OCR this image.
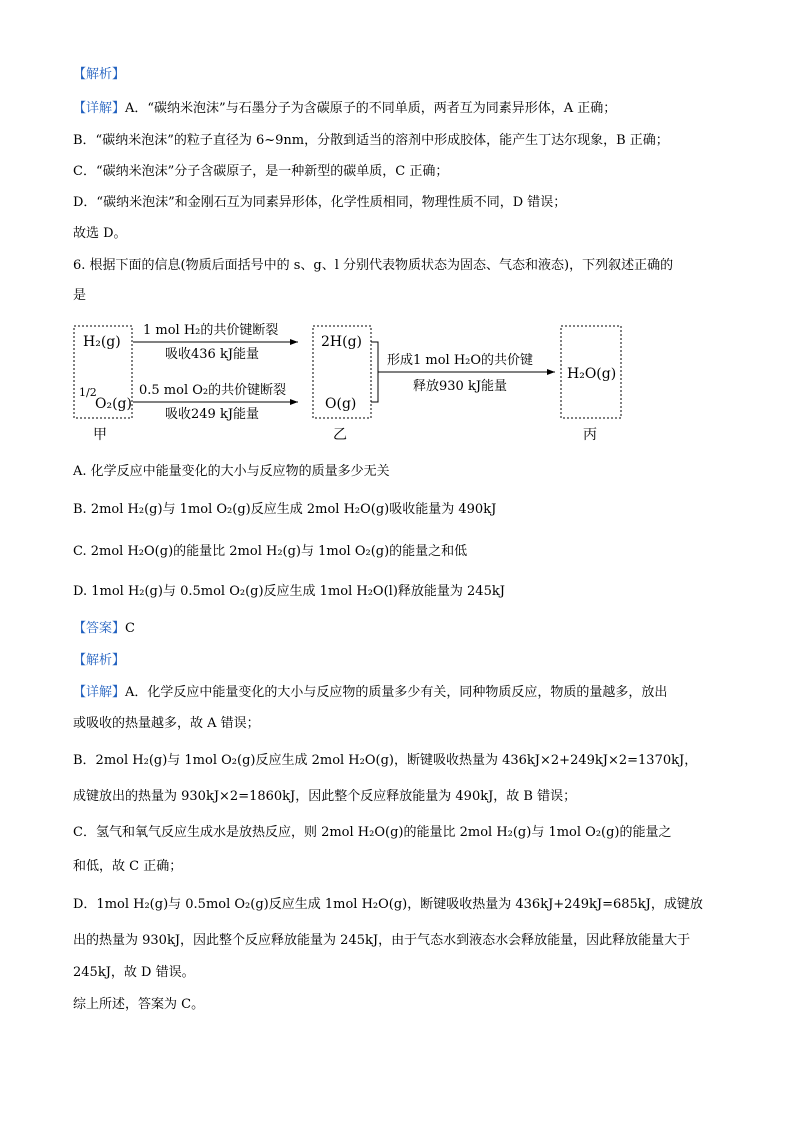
【解析】
【详解】A．“碳纳米泡沫”与石墨分子为含碳原子的不同单质，两者互为同素异形体，A 正确；
B．“碳纳米泡沫”的粒子直径为 6~9nm，分散到适当的溶剂中形成胶体，能产生丁达尔现象，B 正确；
C．“碳纳米泡沫”分子含碳原子，是一种新型的碳单质，C 正确；
D．“碳纳米泡沫”和金刚石互为同素异形体，化学性质相同，物理性质不同，D 错误；
故选 D。
6. 根据下面的信息(物质后面括号中的 s、g、l 分别代表物质状态为固态、气态和液态)，下列叙述正确的
是
H₂(g)
1/2
O₂(g)
甲
1 mol H₂的共价键断裂
吸收436 kJ能量
0.5 mol O₂的共价键断裂
吸收249 kJ能量
2H(g)
O(g)
乙
形成1 mol H₂O的共价键
释放930 kJ能量
H₂O(g)
丙
A. 化学反应中能量变化的大小与反应物的质量多少无关
B. 2mol H₂(g)与 1mol O₂(g)反应生成 2mol H₂O(g)吸收能量为 490kJ
C. 2mol H₂O(g)的能量比 2mol H₂(g)与 1mol O₂(g)的能量之和低
D. 1mol H₂(g)与 0.5mol O₂(g)反应生成 1mol H₂O(l)释放能量为 245kJ
【答案】C
【解析】
【详解】A．化学反应中能量变化的大小与反应物的质量多少有关，同种物质反应，物质的量越多，放出
或吸收的热量越多，故 A 错误；
B．2mol H₂(g)与 1mol O₂(g)反应生成 2mol H₂O(g)，断键吸收热量为 436kJ×2+249kJ×2=1370kJ，
成键放出的热量为 930kJ×2=1860kJ，因此整个反应释放能量为 490kJ，故 B 错误；
C．氢气和氧气反应生成水是放热反应，则 2mol H₂O(g)的能量比 2mol H₂(g)与 1mol O₂(g)的能量之
和低，故 C 正确；
D．1mol H₂(g)与 0.5mol O₂(g)反应生成 1mol H₂O(g)，断键吸收热量为 436kJ+249kJ=685kJ，成键放
出的热量为 930kJ，因此整个反应释放能量为 245kJ，由于气态水到液态水会释放能量，因此释放能量大于
245kJ，故 D 错误。
综上所述，答案为 C。
